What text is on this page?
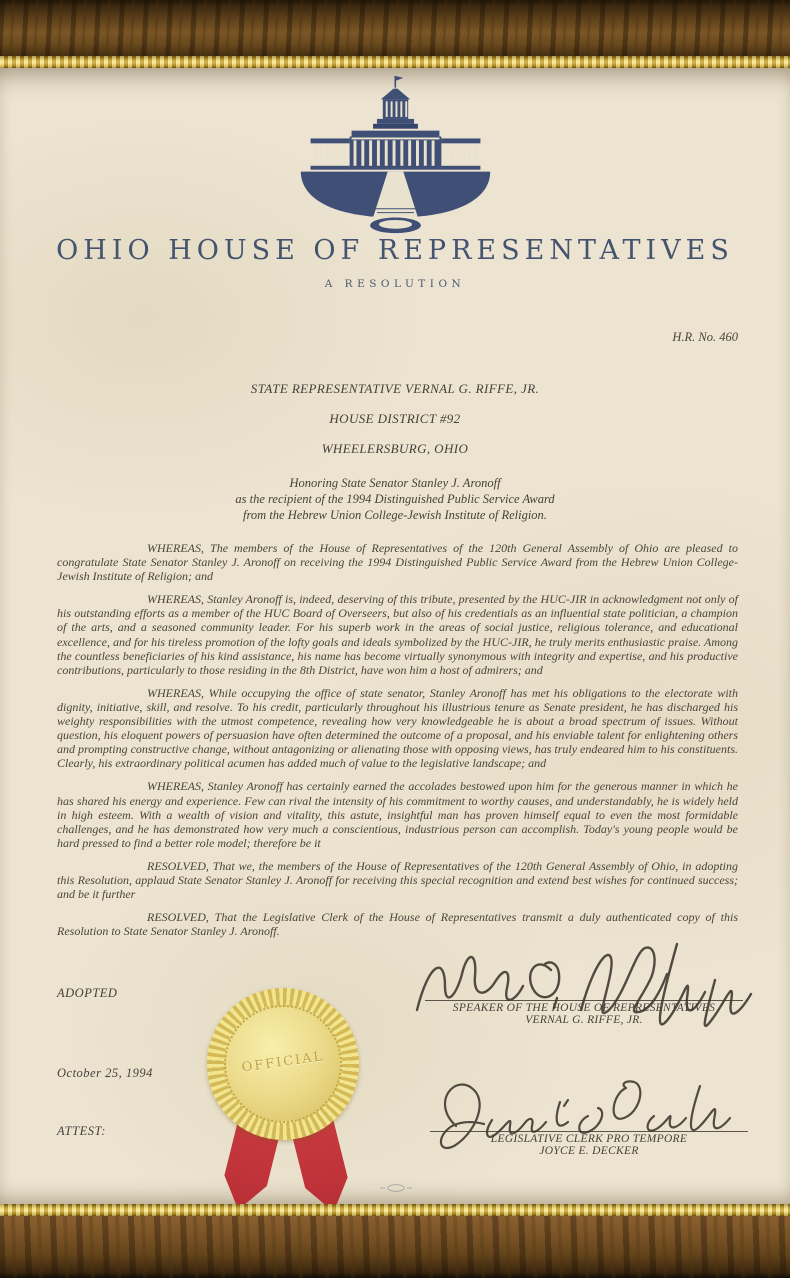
OHIO HOUSE OF REPRESENTATIVES
A RESOLUTION
H.R. No. 460
STATE REPRESENTATIVE VERNAL G. RIFFE, JR.
HOUSE DISTRICT #92
WHEELERSBURG, OHIO
Honoring State Senator Stanley J. Aronoff
as the recipient of the 1994 Distinguished Public Service Award
from the Hebrew Union College-Jewish Institute of Religion.

WHEREAS, The members of the House of Representatives of the 120th General Assembly of Ohio are pleased to congratulate State Senator Stanley J. Aronoff on receiving the 1994 Distinguished Public Service Award from the Hebrew Union College-Jewish Institute of Religion; and

WHEREAS, Stanley Aronoff is, indeed, deserving of this tribute, presented by the HUC-JIR in acknowledgment not only of his outstanding efforts as a member of the HUC Board of Overseers, but also of his credentials as an influential state politician, a champion of the arts, and a seasoned community leader. For his superb work in the areas of social justice, religious tolerance, and educational excellence, and for his tireless promotion of the lofty goals and ideals symbolized by the HUC-JIR, he truly merits enthusiastic praise. Among the countless beneficiaries of his kind assistance, his name has become virtually synonymous with integrity and expertise, and his productive contributions, particularly to those residing in the 8th District, have won him a host of admirers; and

WHEREAS, While occupying the office of state senator, Stanley Aronoff has met his obligations to the electorate with dignity, initiative, skill, and resolve. To his credit, particularly throughout his illustrious tenure as Senate president, he has discharged his weighty responsibilities with the utmost competence, revealing how very knowledgeable he is about a broad spectrum of issues. Without question, his eloquent powers of persuasion have often determined the outcome of a proposal, and his enviable talent for enlightening others and prompting constructive change, without antagonizing or alienating those with opposing views, has truly endeared him to his constituents. Clearly, his extraordinary political acumen has added much of value to the legislative landscape; and

WHEREAS, Stanley Aronoff has certainly earned the accolades bestowed upon him for the generous manner in which he has shared his energy and experience. Few can rival the intensity of his commitment to worthy causes, and understandably, he is widely held in high esteem. With a wealth of vision and vitality, this astute, insightful man has proven himself equal to even the most formidable challenges, and he has demonstrated how very much a conscientious, industrious person can accomplish. Today's young people would be hard pressed to find a better role model; therefore be it

RESOLVED, That we, the members of the House of Representatives of the 120th General Assembly of Ohio, in adopting this Resolution, applaud State Senator Stanley J. Aronoff for receiving this special recognition and extend best wishes for continued success; and be it further

RESOLVED, That the Legislative Clerk of the House of Representatives transmit a duly authenticated copy of this Resolution to State Senator Stanley J. Aronoff.

ADOPTED
October 25, 1994
ATTEST:
SPEAKER OF THE HOUSE OF REPRESENTATIVES
VERNAL G. RIFFE, JR.
LEGISLATIVE CLERK PRO TEMPORE
JOYCE E. DECKER
OFFICIAL
